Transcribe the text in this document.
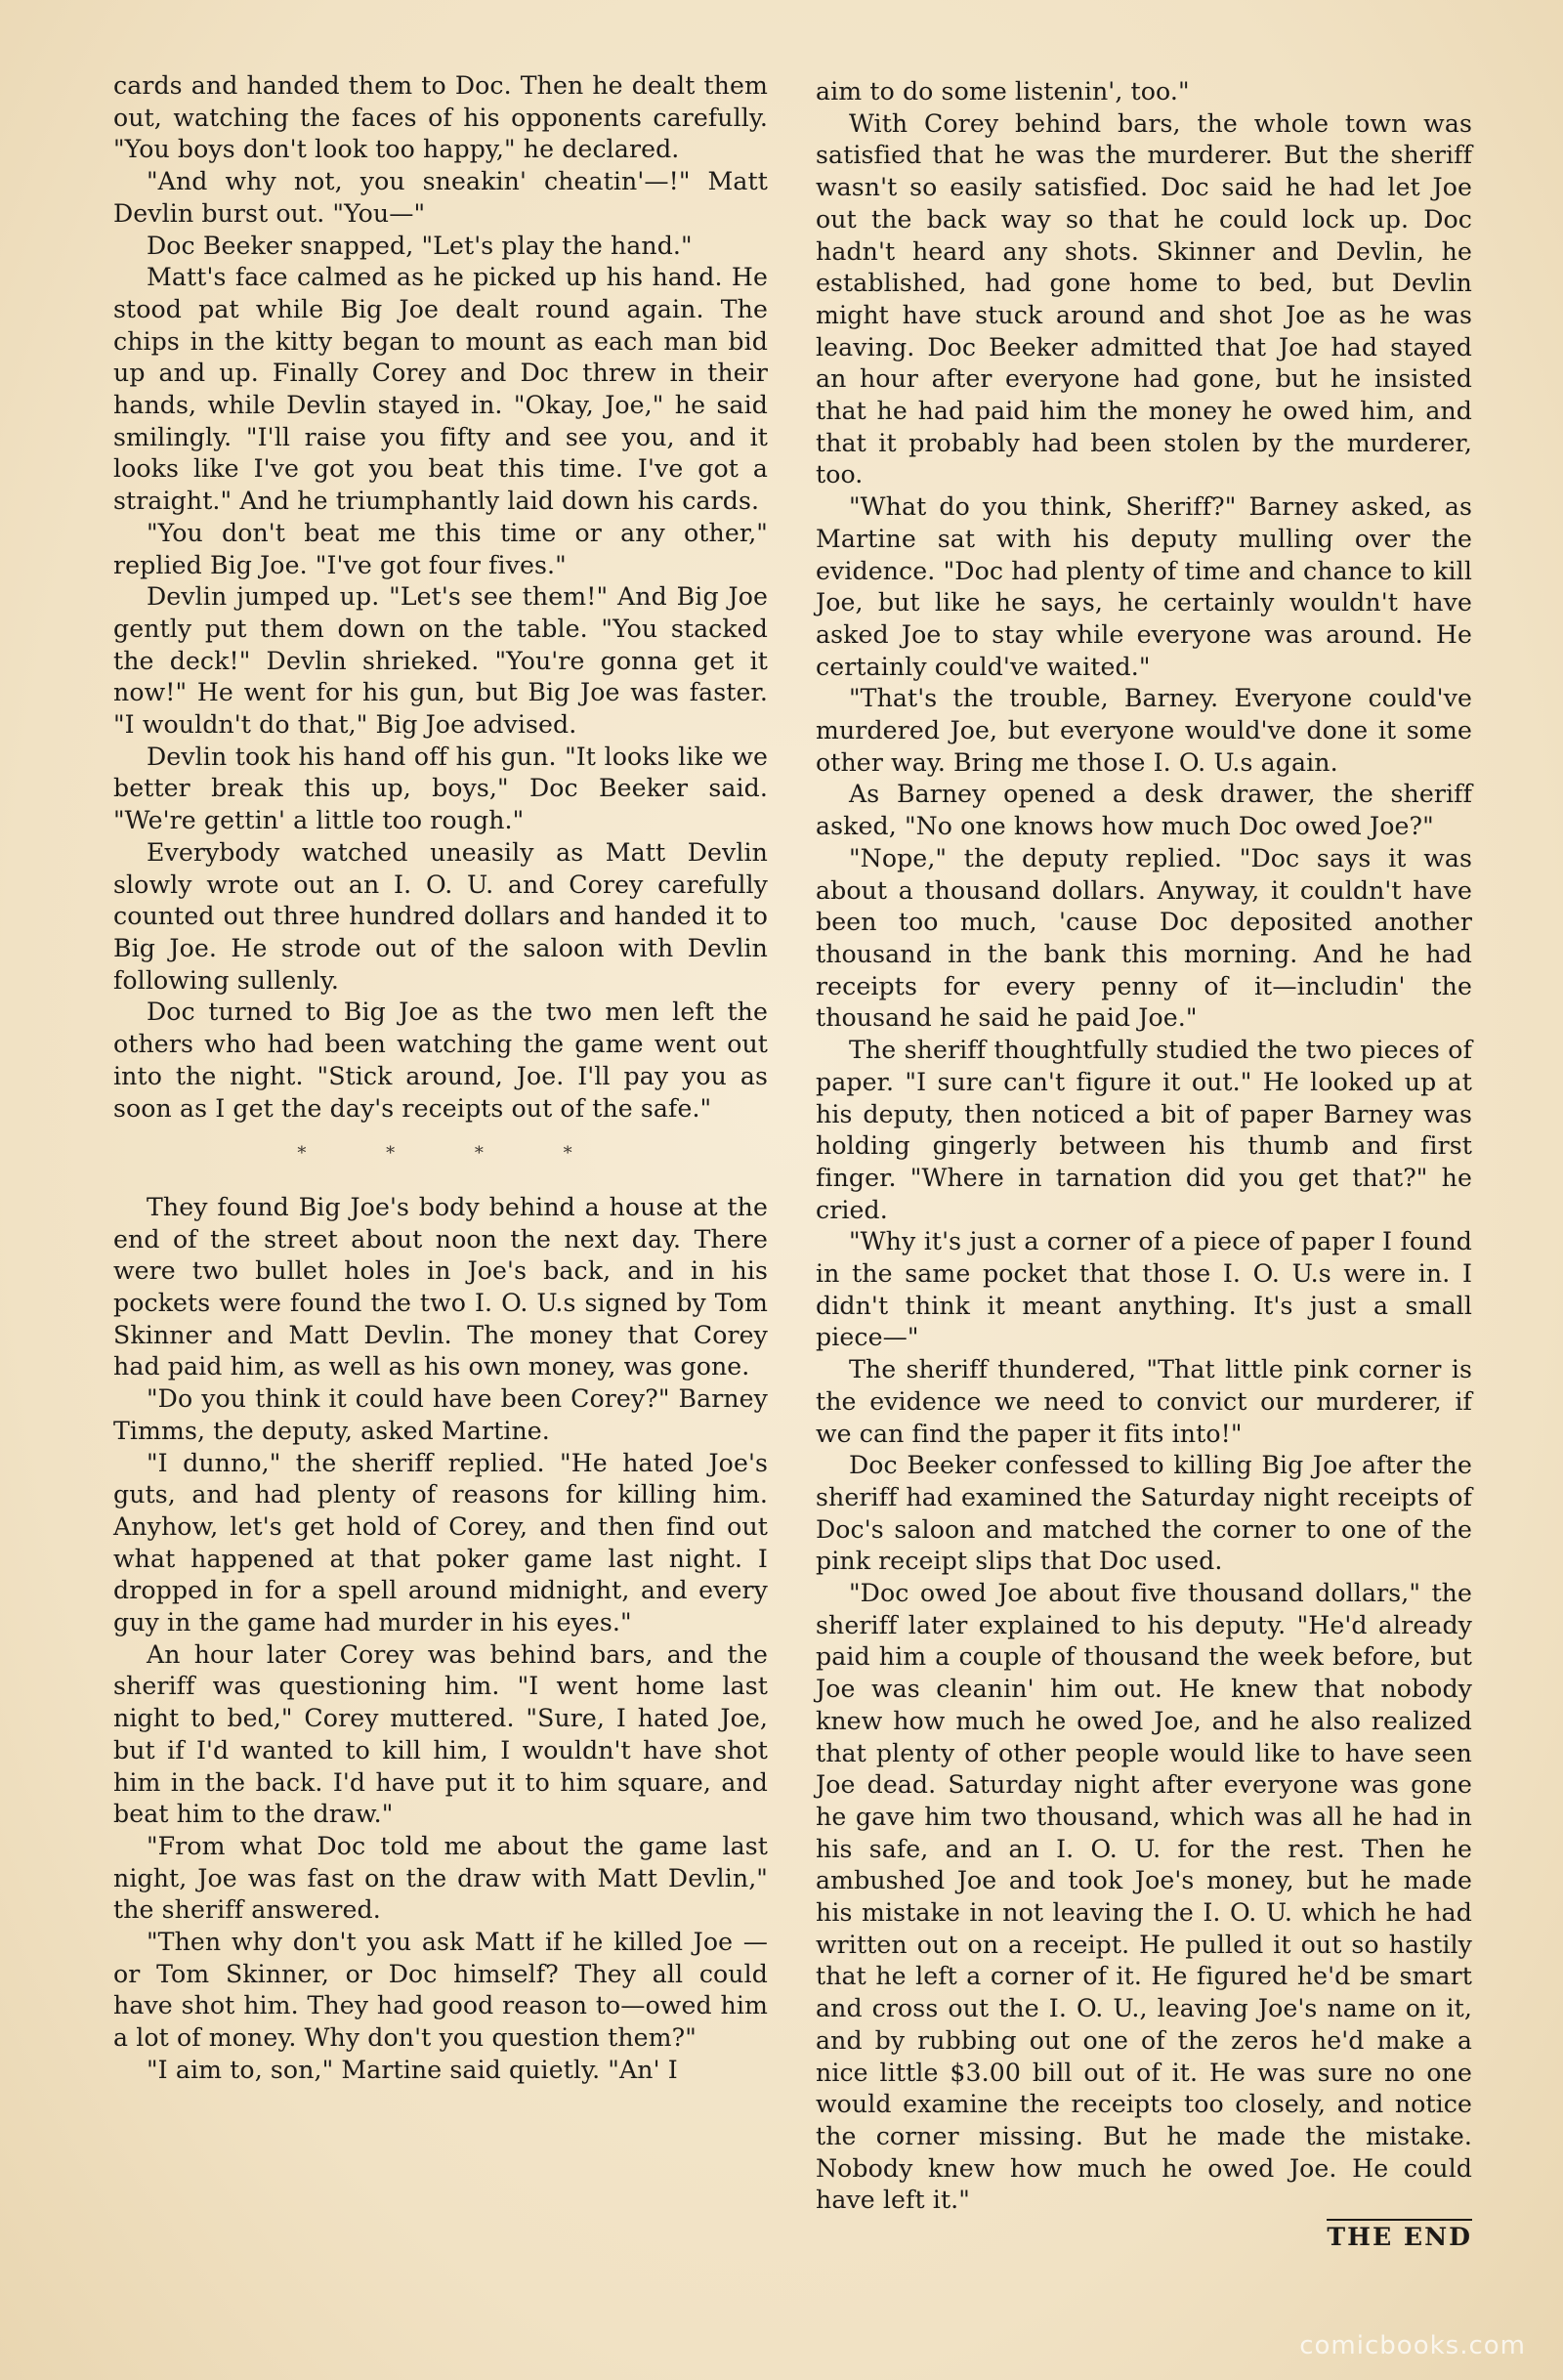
cards and handed them to Doc. Then he dealt them out, watching the faces of his opponents carefully. "You boys don't look too happy," he declared.

"And why not, you sneakin' cheatin'—!" Matt Devlin burst out. "You—"

Doc Beeker snapped, "Let's play the hand."

Matt's face calmed as he picked up his hand. He stood pat while Big Joe dealt round again. The chips in the kitty began to mount as each man bid up and up. Finally Corey and Doc threw in their hands, while Devlin stayed in. "Okay, Joe," he said smilingly. "I'll raise you fifty and see you, and it looks like I've got you beat this time. I've got a straight." And he triumphantly laid down his cards.

"You don't beat me this time or any other," replied Big Joe. "I've got four fives."

Devlin jumped up. "Let's see them!" And Big Joe gently put them down on the table. "You stacked the deck!" Devlin shrieked. "You're gonna get it now!" He went for his gun, but Big Joe was faster. "I wouldn't do that," Big Joe advised.

Devlin took his hand off his gun. "It looks like we better break this up, boys," Doc Beeker said. "We're gettin' a little too rough."

Everybody watched uneasily as Matt Devlin slowly wrote out an I. O. U. and Corey carefully counted out three hundred dollars and handed it to Big Joe. He strode out of the saloon with Devlin following sullenly.

Doc turned to Big Joe as the two men left the others who had been watching the game went out into the night. "Stick around, Joe. I'll pay you as soon as I get the day's receipts out of the safe."

* * * *

They found Big Joe's body behind a house at the end of the street about noon the next day. There were two bullet holes in Joe's back, and in his pockets were found the two I. O. U.s signed by Tom Skinner and Matt Devlin. The money that Corey had paid him, as well as his own money, was gone.

"Do you think it could have been Corey?" Barney Timms, the deputy, asked Martine.

"I dunno," the sheriff replied. "He hated Joe's guts, and had plenty of reasons for killing him. Anyhow, let's get hold of Corey, and then find out what happened at that poker game last night. I dropped in for a spell around midnight, and every guy in the game had murder in his eyes."

An hour later Corey was behind bars, and the sheriff was questioning him. "I went home last night to bed," Corey muttered. "Sure, I hated Joe, but if I'd wanted to kill him, I wouldn't have shot him in the back. I'd have put it to him square, and beat him to the draw."

"From what Doc told me about the game last night, Joe was fast on the draw with Matt Devlin," the sheriff answered.

"Then why don't you ask Matt if he killed Joe —or Tom Skinner, or Doc himself? They all could have shot him. They had good reason to—owed him a lot of money. Why don't you question them?"

"I aim to, son," Martine said quietly. "An' I

aim to do some listenin', too."

With Corey behind bars, the whole town was satisfied that he was the murderer. But the sheriff wasn't so easily satisfied. Doc said he had let Joe out the back way so that he could lock up. Doc hadn't heard any shots. Skinner and Devlin, he established, had gone home to bed, but Devlin might have stuck around and shot Joe as he was leaving. Doc Beeker admitted that Joe had stayed an hour after everyone had gone, but he insisted that he had paid him the money he owed him, and that it probably had been stolen by the murderer, too.

"What do you think, Sheriff?" Barney asked, as Martine sat with his deputy mulling over the evidence. "Doc had plenty of time and chance to kill Joe, but like he says, he certainly wouldn't have asked Joe to stay while everyone was around. He certainly could've waited."

"That's the trouble, Barney. Everyone could've murdered Joe, but everyone would've done it some other way. Bring me those I. O. U.s again.

As Barney opened a desk drawer, the sheriff asked, "No one knows how much Doc owed Joe?"

"Nope," the deputy replied. "Doc says it was about a thousand dollars. Anyway, it couldn't have been too much, 'cause Doc deposited another thousand in the bank this morning. And he had receipts for every penny of it—includin' the thousand he said he paid Joe."

The sheriff thoughtfully studied the two pieces of paper. "I sure can't figure it out." He looked up at his deputy, then noticed a bit of paper Barney was holding gingerly between his thumb and first finger. "Where in tarnation did you get that?" he cried.

"Why it's just a corner of a piece of paper I found in the same pocket that those I. O. U.s were in. I didn't think it meant anything. It's just a small piece—"

The sheriff thundered, "That little pink corner is the evidence we need to convict our murderer, if we can find the paper it fits into!"

Doc Beeker confessed to killing Big Joe after the sheriff had examined the Saturday night receipts of Doc's saloon and matched the corner to one of the pink receipt slips that Doc used.

"Doc owed Joe about five thousand dollars," the sheriff later explained to his deputy. "He'd already paid him a couple of thousand the week before, but Joe was cleanin' him out. He knew that nobody knew how much he owed Joe, and he also realized that plenty of other people would like to have seen Joe dead. Saturday night after everyone was gone he gave him two thousand, which was all he had in his safe, and an I. O. U. for the rest. Then he ambushed Joe and took Joe's money, but he made his mistake in not leaving the I. O. U. which he had written out on a receipt. He pulled it out so hastily that he left a corner of it. He figured he'd be smart and cross out the I. O. U., leaving Joe's name on it, and by rubbing out one of the zeros he'd make a nice little $3.00 bill out of it. He was sure no one would examine the receipts too closely, and notice the corner missing. But he made the mistake. Nobody knew how much he owed Joe. He could have left it."

THE END
comicbooks.com
